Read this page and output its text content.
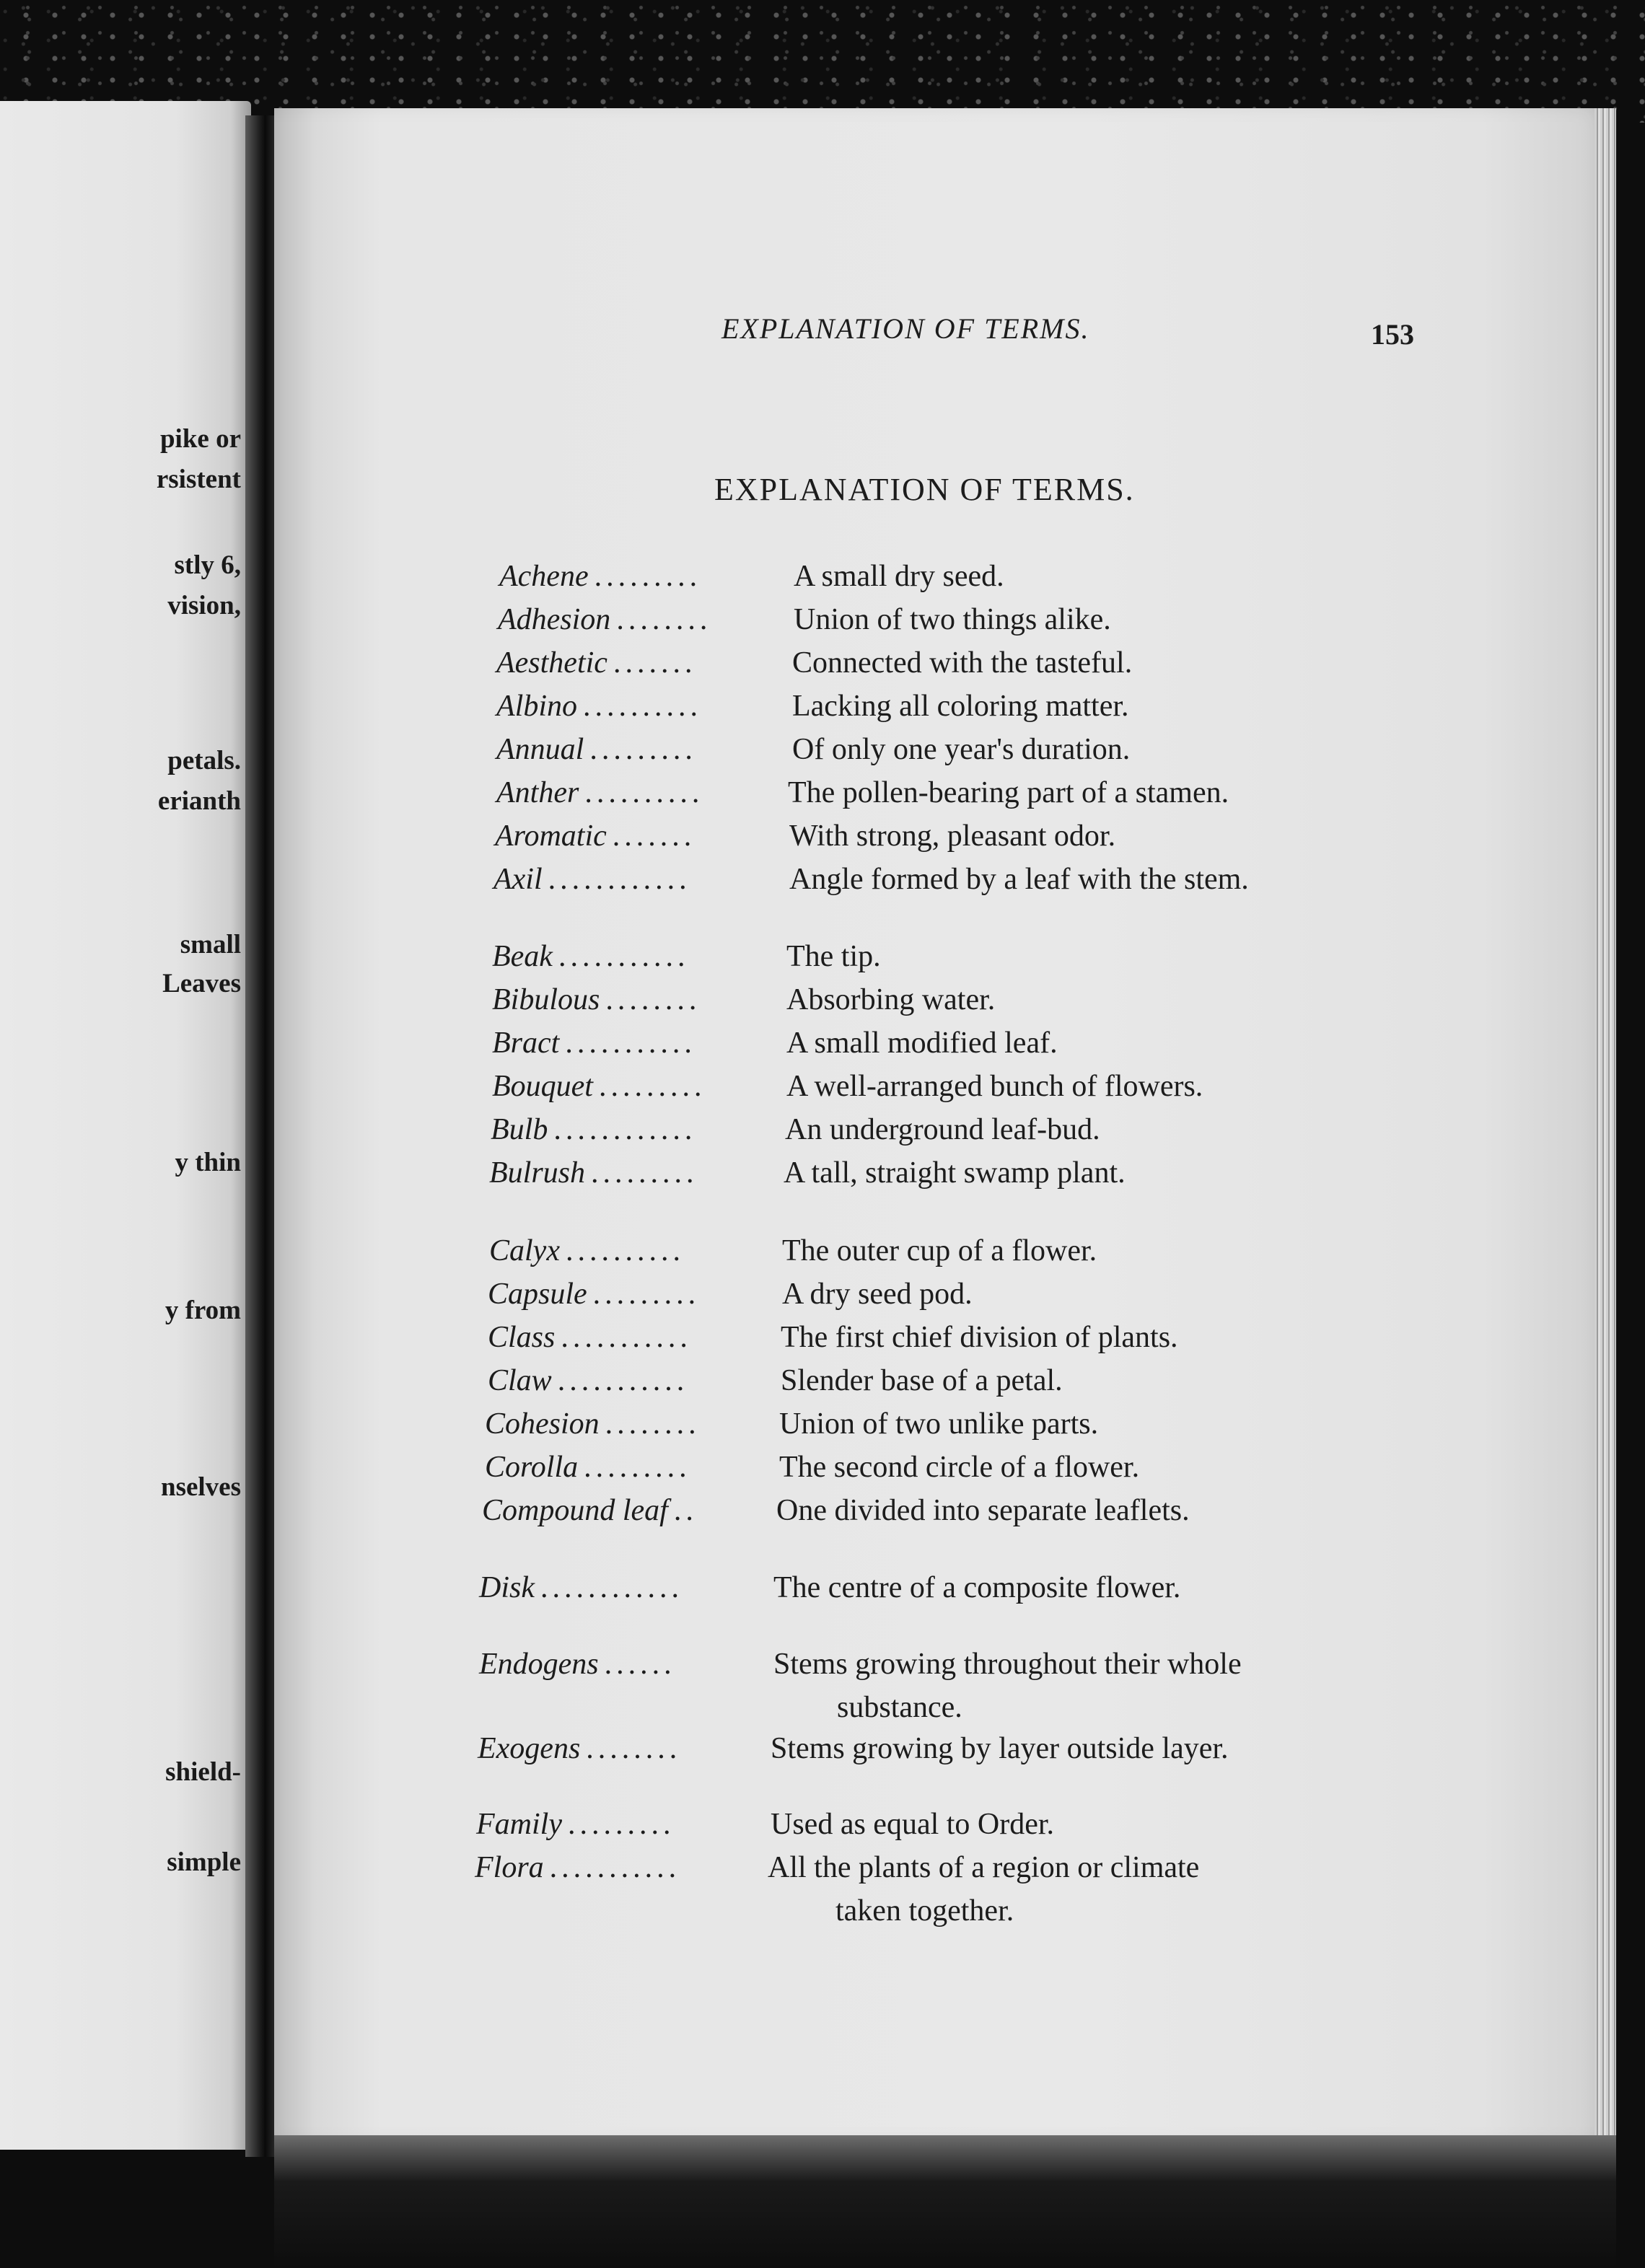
pike or
rsistent
stly 6,
vision,
petals.
erianth
small
Leaves
y thin
y from
nselves
shield-
simple
EXPLANATION OF TERMS.	153
EXPLANATION OF TERMS.
Achene .........	A small dry seed.
Adhesion ........	Union of two things alike.
Aesthetic .......	Connected with the tasteful.
Albino ..........	Lacking all coloring matter.
Annual .........	Of only one year's duration.
Anther ..........	The pollen-bearing part of a stamen.
Aromatic .......	With strong, pleasant odor.
Axil ............	Angle formed by a leaf with the stem.
Beak ...........	The tip.
Bibulous ........	Absorbing water.
Bract ...........	A small modified leaf.
Bouquet .........	A well-arranged bunch of flowers.
Bulb ............	An underground leaf-bud.
Bulrush .........	A tall, straight swamp plant.
Calyx ..........	The outer cup of a flower.
Capsule .........	A dry seed pod.
Class ...........	The first chief division of plants.
Claw ...........	Slender base of a petal.
Cohesion ........	Union of two unlike parts.
Corolla .........	The second circle of a flower.
Compound leaf ..	One divided into separate leaflets.
Disk ............	The centre of a composite flower.
Endogens ......	Stems growing throughout their whole
substance.
Exogens ........	Stems growing by layer outside layer.
Family .........	Used as equal to Order.
Flora ...........	All the plants of a region or climate
taken together.
